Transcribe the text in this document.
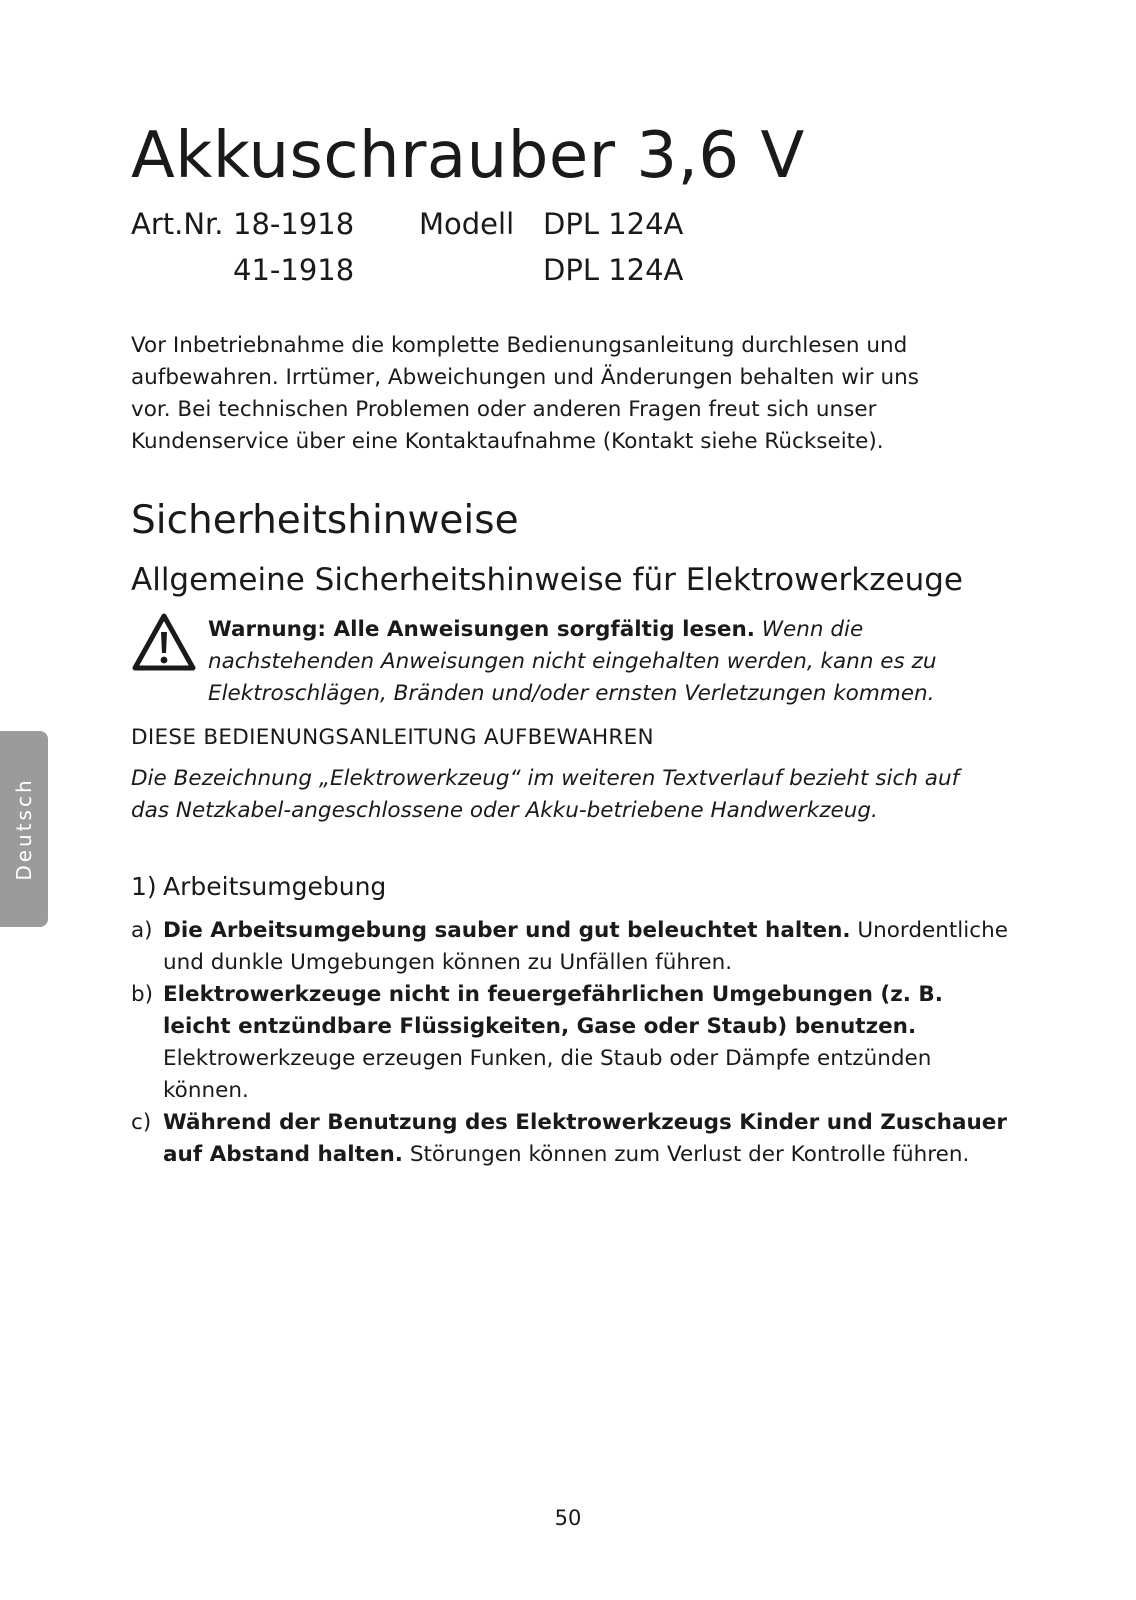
Deutsch
Akkuschrauber 3,6 V
Art.Nr. 18-1918 Modell DPL 124A
41-1918	DPL 124A

Vor Inbetriebnahme die komplette Bedienungsanleitung durchlesen und aufbewahren. Irrtümer, Abweichungen und Änderungen behalten wir uns vor. Bei technischen Problemen oder anderen Fragen freut sich unser Kundenservice über eine Kontaktaufnahme (Kontakt siehe Rückseite).

Sicherheitshinweise
Allgemeine Sicherheitshinweise für Elektrowerkzeuge

Warnung: Alle Anweisungen sorgfältig lesen. Wenn die nachstehenden Anweisungen nicht eingehalten werden, kann es zu Elektroschlägen, Bränden und/oder ernsten Verletzungen kommen.

DIESE BEDIENUNGSANLEITUNG AUFBEWAHREN

Die Bezeichnung „Elektrowerkzeug“ im weiteren Textverlauf bezieht sich auf das Netzkabel-angeschlossene oder Akku-betriebene Handwerkzeug.

1) Arbeitsumgebung
a) Die Arbeitsumgebung sauber und gut beleuchtet halten. Unordentliche und dunkle Umgebungen können zu Unfällen führen.
b) Elektrowerkzeuge nicht in feuergefährlichen Umgebungen (z. B. leicht entzündbare Flüssigkeiten, Gase oder Staub) benutzen. Elektrowerkzeuge erzeugen Funken, die Staub oder Dämpfe entzünden können.
c) Während der Benutzung des Elektrowerkzeugs Kinder und Zuschauer auf Abstand halten. Störungen können zum Verlust der Kontrolle führen.
50
